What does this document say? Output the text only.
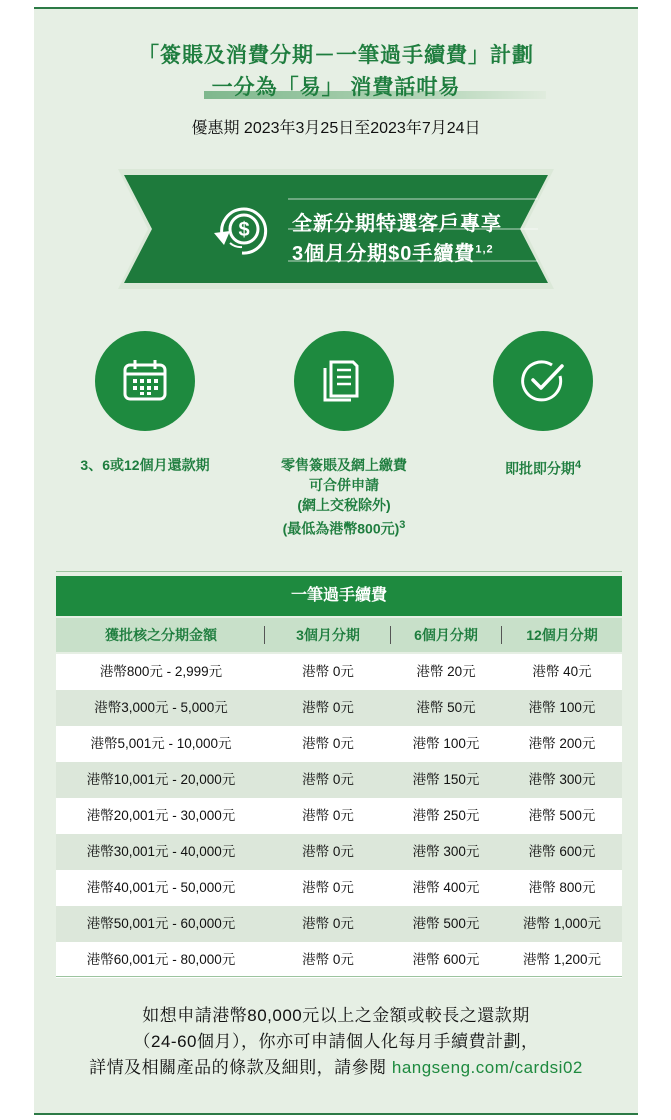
「簽賬及消費分期－一筆過手續費」計劃
一分為「易」 消費話咁易
優惠期 2023年3月25日至2023年7月24日
$ 全新分期特選客戶專享
3個月分期$0手續費$^{1,2}$
3、6或12個月還款期	零售簽賬及網上繳費
可合併申請
(網上交稅除外)
(最低為港幣800元)$^3$
即批即分期$^4$
一筆過手續費
獲批核之分期金額	3個月分期	6個月分期	12個月分期
港幣800元 - 2,999元	港幣 0元	港幣 20元	港幣 40元
港幣3,000元 - 5,000元	港幣 0元	港幣 50元	港幣 100元
港幣5,001元 - 10,000元	港幣 0元	港幣 100元	港幣 200元
港幣10,001元 - 20,000元	港幣 0元	港幣 150元	港幣 300元
港幣20,001元 - 30,000元	港幣 0元	港幣 250元	港幣 500元
港幣30,001元 - 40,000元	港幣 0元	港幣 300元	港幣 600元
港幣40,001元 - 50,000元	港幣 0元	港幣 400元	港幣 800元
港幣50,001元 - 60,000元	港幣 0元	港幣 500元	港幣 1,000元
港幣60,001元 - 80,000元	港幣 0元	港幣 600元	港幣 1,200元
如想申請港幣80,000元以上之金額或較長之還款期
（24-60個月），你亦可申請個人化每月手續費計劃，
詳情及相關產品的條款及細則，請參閱 hangseng.com/cardsi02
